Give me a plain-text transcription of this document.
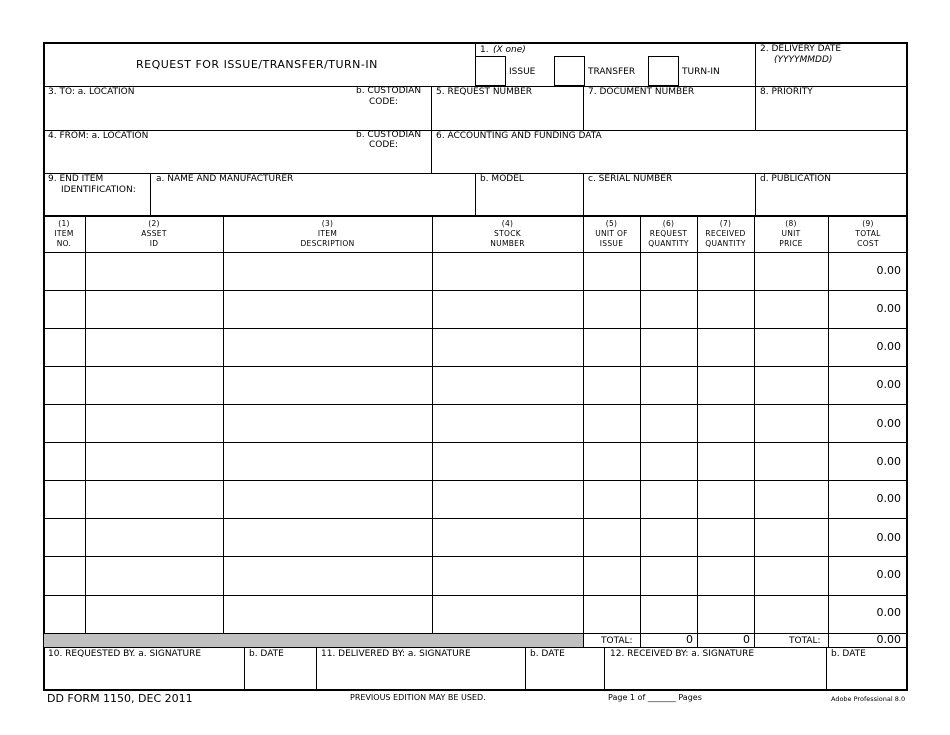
REQUEST FOR ISSUE/TRANSFER/TURN-IN
1. (X one)
ISSUE	TRANSFER	TURN-IN
2. DELIVERY DATE
(YYYYMMDD)
3. TO: a. LOCATION	b. CUSTODIAN
CODE:
5. REQUEST NUMBER	7. DOCUMENT NUMBER	8. PRIORITY
4. FROM: a. LOCATION	b. CUSTODIAN
CODE:
6. ACCOUNTING AND FUNDING DATA
9. END ITEM
IDENTIFICATION:
a. NAME AND MANUFACTURER	b. MODEL	c. SERIAL NUMBER	d. PUBLICATION
(1)
ITEM
NO.
(2)
ASSET
ID
(3)
ITEM
DESCRIPTION
(4)
STOCK
NUMBER
(5)
UNIT OF
ISSUE
(6)
REQUEST
QUANTITY
(7)
RECEIVED
QUANTITY
(8)
UNIT
PRICE
(9)
TOTAL
COST
0.00
0.00
0.00
0.00
0.00
0.00
0.00
0.00
0.00
0.00
TOTAL:	0	0	TOTAL:	0.00
10. REQUESTED BY. a. SIGNATURE	b. DATE	11. DELIVERED BY: a. SIGNATURE	b. DATE	12. RECEIVED BY: a. SIGNATURE	b. DATE
DD FORM 1150, DEC 2011	PREVIOUS EDITION MAY BE USED.	Page 1 of _______ Pages	Adobe Professional 8.0
